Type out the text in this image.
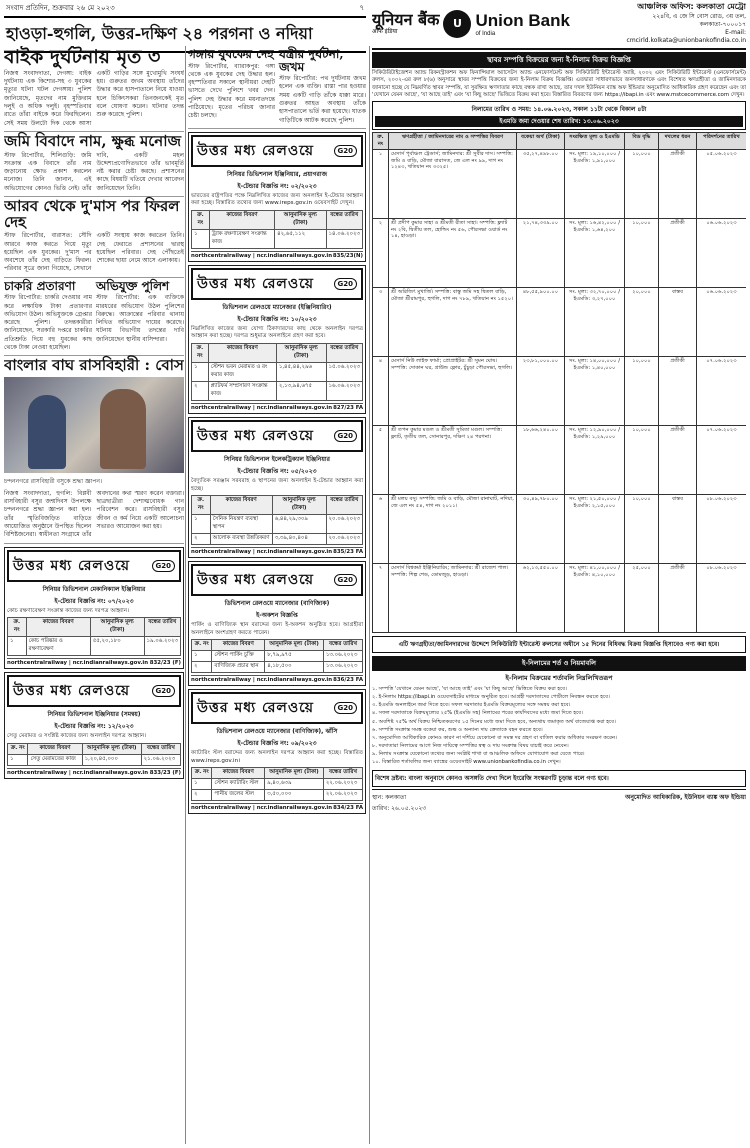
সংবাদ প্রতিদিন, শুক্রবার ২৬ মে ২০২৩	৭
হাওড়া-হুগলি, উত্তর-দক্ষিণ ২৪ পরগনা ও নদিয়া
বাইক দুর্ঘটনায় মৃত ৩
নিজস্ব সংবাদদাতা, দেগঙ্গা: বাইক দুর্ঘটনায় এক কিশোর-সহ ৩ যুবকের মৃত্যুর ঘটনা ঘটল দেগঙ্গায়। পুলিশ জানিয়েছে, মৃতদের নাম মুক্তিরাম দলুই ও অধিক দলুই। বৃহস্পতিবার রাতে তাঁরা বাইকে করে ফিরছিলেন। সেই সময় উলটো দিক থেকে আসা একটি গাড়ির সঙ্গে মুখোমুখি সংঘর্ষ হয়। গুরুতর জখম অবস্থায় তাঁদের উদ্ধার করে হাসপাতালে নিয়ে যাওয়া হলে চিকিৎসকরা তিনজনকেই মৃত বলে ঘোষণা করেন। ঘটনার তদন্ত শুরু করেছে পুলিশ।
জমি বিবাদে নাম, ক্ষুব্ধ মনোজ
স্টাফ রিপোর্টার, শিলিগুড়ি: জমি সংক্রান্ত এক বিবাদে তাঁর নাম জড়ানোয় ক্ষোভ প্রকাশ করলেন মনোজ। তিনি জানান, এই অভিযোগের কোনও ভিত্তি নেই। তাঁর দাবি, একটি মহল উদ্দেশ্যপ্রণোদিতভাবে তাঁর ভাবমূর্তি নষ্ট করার চেষ্টা করছে। প্রশাসনের কাছে বিষয়টি খতিয়ে দেখার আবেদন জানিয়েছেন তিনি।
আরব থেকে দু'মাস পর ফিরল দেহ
স্টাফ রিপোর্টার, বারাসত: সৌদি আরবে কাজ করতে গিয়ে মৃত্যু হয়েছিল এক যুবকের। দু'মাস পর অবশেষে তাঁর দেহ বাড়িতে ফিরল। পরিবার সূত্রে জানা গিয়েছে, সেখানে একটি সংস্থায় কাজ করতেন তিনি। দেহ ফেরাতে প্রশাসনের দ্বারস্থ হয়েছিল পরিবার। দেহ পৌঁছতেই শোকের ছায়া নেমে আসে এলাকায়।
চাকরি প্রতারণা
স্টাফ রিপোর্টার: চাকরি দেওয়ার নাম করে লক্ষাধিক টাকা প্রতারণার অভিযোগ উঠল। অভিযুক্তকে গ্রেপ্তার করেছে পুলিশ। তদন্তকারীরা জানিয়েছেন, সরকারি দপ্তরে চাকরির প্রতিশ্রুতি দিয়ে বহু যুবকের কাছ থেকে টাকা নেওয়া হয়েছিল।
অভিযুক্ত পুলিশ
স্টাফ রিপোর্টার: এক ব্যক্তিকে মারধরের অভিযোগ উঠল পুলিশের বিরুদ্ধে। আক্রান্তের পরিবার থানায় লিখিত অভিযোগ দায়ের করেছে। ঘটনায় বিভাগীয় তদন্তের দাবি জানিয়েছেন স্থানীয় বাসিন্দারা।
বাংলার বাঘ রাসবিহারী : বোস
চন্দননগরে রাসবিহারী বসুকে শ্রদ্ধা জ্ঞাপন।
নিজস্ব সংবাদদাতা, হুগলি: বিপ্লবী রাসবিহারী বসুর জন্মদিবস উপলক্ষে চন্দননগরে শ্রদ্ধা জ্ঞাপন করা হল। তাঁর স্মৃতিবিজড়িত বাড়িতে আয়োজিত অনুষ্ঠানে উপস্থিত ছিলেন বিশিষ্টজনেরা। স্বাধীনতা সংগ্রামে তাঁর অবদানের কথা স্মরণ করেন বক্তারা। ছাত্রছাত্রীরা দেশাত্মবোধক গান পরিবেশন করে। রাসবিহারী বসুর জীবন ও কর্ম নিয়ে একটি আলোচনা সভারও আয়োজন করা হয়।
উত্তর মধ্য রেলওয়ে	G20
সিনিয়র ডিভিশনাল মেকানিক্যাল ইঞ্জিনিয়ার
ই-টেন্ডার বিজ্ঞপ্তি নং: ০৭/২০২৩
কোচ রক্ষণাবেক্ষণ সংক্রান্ত কাজের জন্য দরপত্র আহ্বান।
ক্র. নং	কাজের বিবরণ	আনুমানিক মূল্য (টাকা)	বন্ধের তারিখ
১	কোচ পরিষ্কার ও রক্ষণাবেক্ষণ	৫৫,২০,১৮০	১৯.০৬.২০২৩
northcentralrailway | ncr.indianrailways.gov.in 832/23 (F)
উত্তর মধ্য রেলওয়ে	G20
সিনিয়র ডিভিশনাল ইঞ্জিনিয়ার (সমন্বয়)
ই-টেন্ডার বিজ্ঞপ্তি নং: ১২/২০২৩
সেতু মেরামত ও সংশ্লিষ্ট কাজের জন্য অনলাইন দরপত্র আহ্বান।
ক্র. নং	কাজের বিবরণ	আনুমানিক মূল্য (টাকা)	বন্ধের তারিখ
১	সেতু মেরামতের কাজ	১,২০,৪৫,০০০	২১.০৬.২০২৩
northcentralrailway | ncr.indianrailways.gov.in 833/23 (F)
গঙ্গায় যুবকের দেহ
স্টাফ রিপোর্টার, ব্যারাকপুর: গঙ্গা থেকে এক যুবকের দেহ উদ্ধার হল। বৃহস্পতিবার সকালে স্থানীয়রা দেহটি ভাসতে দেখে পুলিশে খবর দেন। পুলিশ দেহ উদ্ধার করে ময়নাতদন্তে পাঠিয়েছে। মৃতের পরিচয় জানার চেষ্টা চলছে।
যন্ত্রীর দুর্ঘটনা, জখম
স্টাফ রিপোর্টার: পথ দুর্ঘটনায় জখম হলেন এক ব্যক্তি। রাস্তা পার হওয়ার সময় একটি গাড়ি তাঁকে ধাক্কা মারে। গুরুতর আহত অবস্থায় তাঁকে হাসপাতালে ভর্তি করা হয়েছে। ঘাতক গাড়িটিকে আটক করেছে পুলিশ।
উত্তর মধ্য রেলওয়ে	G20
সিনিয়র ডিভিশনাল ইঞ্জিনিয়ার, প্রয়াগরাজ
ই-টেন্ডার বিজ্ঞপ্তি নং: ০২/২০২৩
ভারতের রাষ্ট্রপতির পক্ষে নিম্নলিখিত কাজের জন্য অনলাইন ই-টেন্ডার আহ্বান করা হচ্ছে। বিস্তারিত তথ্যের জন্য www.ireps.gov.in ওয়েবসাইট দেখুন।
ক্র. নং	কাজের বিবরণ	আনুমানিক মূল্য (টাকা)	বন্ধের তারিখ
১	ট্র্যাক রক্ষণাবেক্ষণ সংক্রান্ত কাজ	৪২,৬৫,১১২	১৪.০৬.২০২৩
northcentralrailway | ncr.indianrailways.gov.in 835/23(N)
উত্তর মধ্য রেলওয়ে	G20
ডিভিশনাল রেলওয়ে ম্যানেজার (ইঞ্জিনিয়ারিং)
ই-টেন্ডার বিজ্ঞপ্তি নং: ১০/২০২৩
নিম্নলিখিত কাজের জন্য যোগ্য ঠিকাদারদের কাছ থেকে অনলাইন দরপত্র আহ্বান করা হচ্ছে। দরপত্র শুধুমাত্র অনলাইনে গ্রহণ করা হবে।
ক্র. নং	কাজের বিবরণ	আনুমানিক মূল্য (টাকা)	বন্ধের তারিখ
১	স্টেশন ভবন মেরামত ও রং করার কাজ	১,৪৫,৪৪,২৯৬	১৫.০৬.২০২৩
২	প্ল্যাটফর্ম সম্প্রসারণ সংক্রান্ত কাজ	২,১৩,৯৪,৬৭৫	১৬.০৬.২০২৩
northcentralrailway | ncr.indianrailways.gov.in 827/23 FA
উত্তর মধ্য রেলওয়ে	G20
সিনিয়র ডিভিশনাল ইলেকট্রিক্যাল ইঞ্জিনিয়ার
ই-টেন্ডার বিজ্ঞপ্তি নং: ০৫/২০২৩
বৈদ্যুতিক সরঞ্জাম সরবরাহ ও স্থাপনের জন্য অনলাইন ই-টেন্ডার আহ্বান করা হচ্ছে।
ক্র. নং	কাজের বিবরণ	আনুমানিক মূল্য (টাকা)	বন্ধের তারিখ
১	সৈনিক নিয়ন্ত্রণ ব্যবস্থা স্থাপন	৬,৪৪,২৯,৩০৯	২০.০৬.২০২৩
২	আলোক ব্যবস্থা উন্নতিকরণ	৩,৩৯,৪০,৪০৪	২০.০৬.২০২৩
northcentralrailway | ncr.indianrailways.gov.in 835/23 FA
উত্তর মধ্য রেলওয়ে	G20
ডিভিশনাল রেলওয়ে ম্যানেজার (বাণিজ্যিক)
ই-অকশন বিজ্ঞপ্তি
পার্কিং ও বাণিজ্যিক স্থান বরাদ্দের জন্য ই-অকশন অনুষ্ঠিত হবে। আগ্রহীরা অনলাইনে অংশগ্রহণ করতে পারেন।
ক্র. নং	কাজের বিবরণ	আনুমানিক মূল্য (টাকা)	বন্ধের তারিখ
১	স্টেশন পার্কিং চুক্তি	৮,৭৯,৯৭৫	১৩.০৬.২০২৩
২	বাণিজ্যিক প্রচার স্থান	৪,১৮,৫০০	১৩.০৬.২০২৩
northcentralrailway | ncr.indianrailways.gov.in 836/23 FA
উত্তর মধ্য রেলওয়ে	G20
ডিভিশনাল রেলওয়ে ম্যানেজার (বাণিজ্যিক), ঝাঁসি
ই-টেন্ডার বিজ্ঞপ্তি নং: ০৯/২০২৩
ক্যাটারিং স্টল বরাদ্দের জন্য অনলাইন দরপত্র আহ্বান করা হচ্ছে। বিস্তারিত www.ireps.gov.in।
ক্র. নং	কাজের বিবরণ	আনুমানিক মূল্য (টাকা)	বন্ধের তারিখ
১	স্টেশন ক্যাটারিং স্টল	৯,৪০,৬৩৯	২২.০৬.২০২৩
২	পানীয় জলের স্টল	৩,৫০,০০০	২২.০৬.২০২৩
northcentralrailway | ncr.indianrailways.gov.in 834/23 FA
यूनियन बैंक
ऑफ इंडिया
U Union Bank
of India
আঞ্চলিক অফিস: কলকাতা মেট্রো
২২৪বি, এ জে সি বোস রোড, ৩য় তল, কলকাতা-৭০০০১৭
E-mail: cmcirld.kolkata@unionbankofindia.co.in
স্থাবর সম্পত্তি বিক্রয়ের জন্য ই-নিলাম বিক্রয় বিজ্ঞপ্তি
সিকিউরিটাইজেশন অ্যান্ড রিকনস্ট্রাকশন অফ ফিনান্সিয়াল অ্যাসেটস অ্যান্ড এনফোর্সমেন্ট অফ সিকিউরিটি ইন্টারেস্ট অ্যাক্ট, ২০০২ এবং সিকিউরিটি ইন্টারেস্ট (এনফোর্সমেন্ট) রুলস, ২০০২-এর রুল ৮(৬) অনুসারে স্থাবর সম্পত্তি বিক্রয়ের জন্য ই-নিলাম বিক্রয় বিজ্ঞপ্তি। এতদ্বারা সাধারণভাবে জনসাধারণকে এবং বিশেষত ঋণগ্রহীতা ও জামিনদারকে জানানো হচ্ছে যে নিম্নবর্ণিত স্থাবর সম্পত্তি, যা সুরক্ষিত ঋণদাতার কাছে বন্ধক রাখা আছে, তার দখল ইউনিয়ন ব্যাঙ্ক অফ ইন্ডিয়ার অনুমোদিত আধিকারিক গ্রহণ করেছেন এবং তা 'যেখানে যেমন আছে', 'যা আছে তাই' এবং 'যা কিছু আছে' ভিত্তিতে বিক্রয় করা হবে। বিস্তারিত বিবরণের জন্য https://ibapi.in এবং www.mstcecommerce.com দেখুন।
নিলামের তারিখ ও সময়: ১৪.০৬.২০২৩, সকাল ১১টা থেকে বিকাল ৪টা
ইএমডি জমা দেওয়ার শেষ তারিখ: ১৩.০৬.২০২৩
ক্র. নং	ঋণগ্রহীতা / জামিনদারের নাম ও সম্পত্তির বিবরণ	বকেয়া অর্থ (টাকা)	সংরক্ষিত মূল্য ও ইএমডি	বিড বৃদ্ধি	দখলের ধরন	পরিদর্শনের তারিখ
১	মেসার্স পূর্বাঞ্চল ট্রেডার্স; জামিনদার: শ্রী সুবীর দাস। সম্পত্তি: জমি ও বাড়ি, মৌজা বারাসত, জে এল নং ৯৯, দাগ নং ১২৪৩, খতিয়ান নং ৩৩২৫।	৩৫,২৭,৪৯৮.০০	সং. মূল্য: ১৯,১০,০০০ / ইএমডি: ১,৯১,০০০	১০,০০০	প্রতীকী	০৫.০৬.২০২৩
২	শ্রী প্রদীপ কুমার সাহা ও শ্রীমতী রীতা সাহা। সম্পত্তি: ফ্ল্যাট নং ২বি, দ্বিতীয় তল, হোল্ডিং নং ৫৬, পৌরসভা ওয়ার্ড নং ১৪, হাওড়া।	২১,৭৪,৩৩৯.০০	সং. মূল্য: ১৬,৪২,০০০ / ইএমডি: ১,৬৪,২০০	১০,০০০	প্রতীকী	০৬.০৬.২০২৩
৩	শ্রী অরিজিৎ মুখার্জি। সম্পত্তি: বাস্তু জমি সহ দ্বিতল বাড়ি, মৌজা শ্রীরামপুর, হুগলি, দাগ নং ৭৮৯, খতিয়ান নং ১৫২০।	৪৮,৫৫,৯০০.০০	সং. মূল্য: ৩২,৭০,০০০ / ইএমডি: ৩,২৭,০০০	২০,০০০	বাস্তব	০৬.০৬.২০২৩
৪	মেসার্স নিউ লাইফ ফার্মা; প্রোপ্রাইটর: শ্রী সুমন ঘোষ। সম্পত্তি: দোকান ঘর, গ্রাউন্ড ফ্লোর, চুঁচুড়া পৌরসভা, হুগলি।	২৩,৮১,০০০.০০	সং. মূল্য: ১৪,০০,০০০ / ইএমডি: ১,৪০,০০০	১০,০০০	প্রতীকী	০৭.০৬.২০২৩
৫	শ্রী তপন কুমার মণ্ডল ও শ্রীমতী সুমিতা মণ্ডল। সম্পত্তি: ফ্ল্যাট, তৃতীয় তল, সোনারপুর, দক্ষিণ ২৪ পরগনা।	১৮,৬৬,২৪০.০০	সং. মূল্য: ১২,৯০,০০০ / ইএমডি: ১,২৯,০০০	১০,০০০	প্রতীকী	০৭.০৬.২০২৩
৬	শ্রী মলয় বসু। সম্পত্তি: জমি ও বাড়ি, মৌজা রানাঘাট, নদিয়া, জে এল নং ৫৪, দাগ নং ২০১১।	৩০,৪৯,৭৮০.০০	সং. মূল্য: ২১,৫০,০০০ / ইএমডি: ২,১৫,০০০	১০,০০০	বাস্তব	০৮.০৬.২০২৩
৭	মেসার্স বিশ্বকর্মা ইঞ্জিনিয়ারিং; জামিনদার: শ্রী রাজেশ পাল। সম্পত্তি: শিল্প শেড, ডোমজুড়, হাওড়া।	৬২,১৩,৫৫০.০০	সং. মূল্য: ৪১,০০,০০০ / ইএমডি: ৪,১০,০০০	২৫,০০০	প্রতীকী	০৮.০৬.২০২৩
এটি ঋণগ্রহীতা/জামিনদারদের উদ্দেশে সিকিউরিটি ইন্টারেস্ট রুলসের অধীনে ১৫ দিনের বিধিবদ্ধ বিক্রয় বিজ্ঞপ্তি হিসাবেও গণ্য করা হবে।
ই-নিলামের শর্ত ও নিয়মাবলি
ই-নিলাম বিক্রয়ের শর্তাবলি নিম্নলিখিতরূপ

১. সম্পত্তি 'যেখানে যেমন আছে', 'যা আছে তাই' এবং 'যা কিছু আছে' ভিত্তিতে বিক্রয় করা হবে।

২. ই-নিলাম https://ibapi.in ওয়েবসাইটের মাধ্যমে অনুষ্ঠিত হবে। আগ্রহী দরদাতাদের পোর্টালে নিবন্ধন করতে হবে।

৩. ইএমডি অনলাইনে জমা দিতে হবে। সফল দরদাতার ইএমডি বিক্রয়মূল্যের সঙ্গে সমন্বয় করা হবে।

৪. সফল দরদাতাকে বিক্রয়মূল্যের ২৫% (ইএমডি সহ) নিলামের পরের কার্যদিবসের মধ্যে জমা দিতে হবে।

৫. অবশিষ্ট ৭৫% অর্থ বিক্রয় নিশ্চিতকরণের ১৫ দিনের মধ্যে জমা দিতে হবে, অন্যথায় জমাকৃত অর্থ বাজেয়াপ্ত করা হবে।

৬. সম্পত্তি সংক্রান্ত সমস্ত বকেয়া কর, শুল্ক ও অন্যান্য দায় ক্রেতাকে বহন করতে হবে।

৭. অনুমোদিত আধিকারিক কোনও কারণ না দর্শিয়ে যেকোনো বা সমস্ত দর গ্রহণ বা বাতিল করার অধিকার সংরক্ষণ করেন।

৮. দরদাতারা নিলামের আগে নিজ দায়িত্বে সম্পত্তির স্বত্ব ও দায় সংক্রান্ত বিষয় যাচাই করে নেবেন।

৯. নিলাম সংক্রান্ত যেকোনো তথ্যের জন্য সংশ্লিষ্ট শাখা বা আঞ্চলিক অফিসে যোগাযোগ করা যেতে পারে।

১০. বিস্তারিত শর্তাবলির জন্য ব্যাঙ্কের ওয়েবসাইট www.unionbankofindia.co.in দেখুন।

বিশেষ দ্রষ্টব্য: বাংলা অনুবাদে কোনও অসঙ্গতি দেখা দিলে ইংরেজি সংস্করণটি চূড়ান্ত বলে গণ্য হবে।
স্থান: কলকাতা
তারিখ: ২৬.০৫.২০২৩
অনুমোদিত আধিকারিক, ইউনিয়ন ব্যাঙ্ক অফ ইন্ডিয়া
